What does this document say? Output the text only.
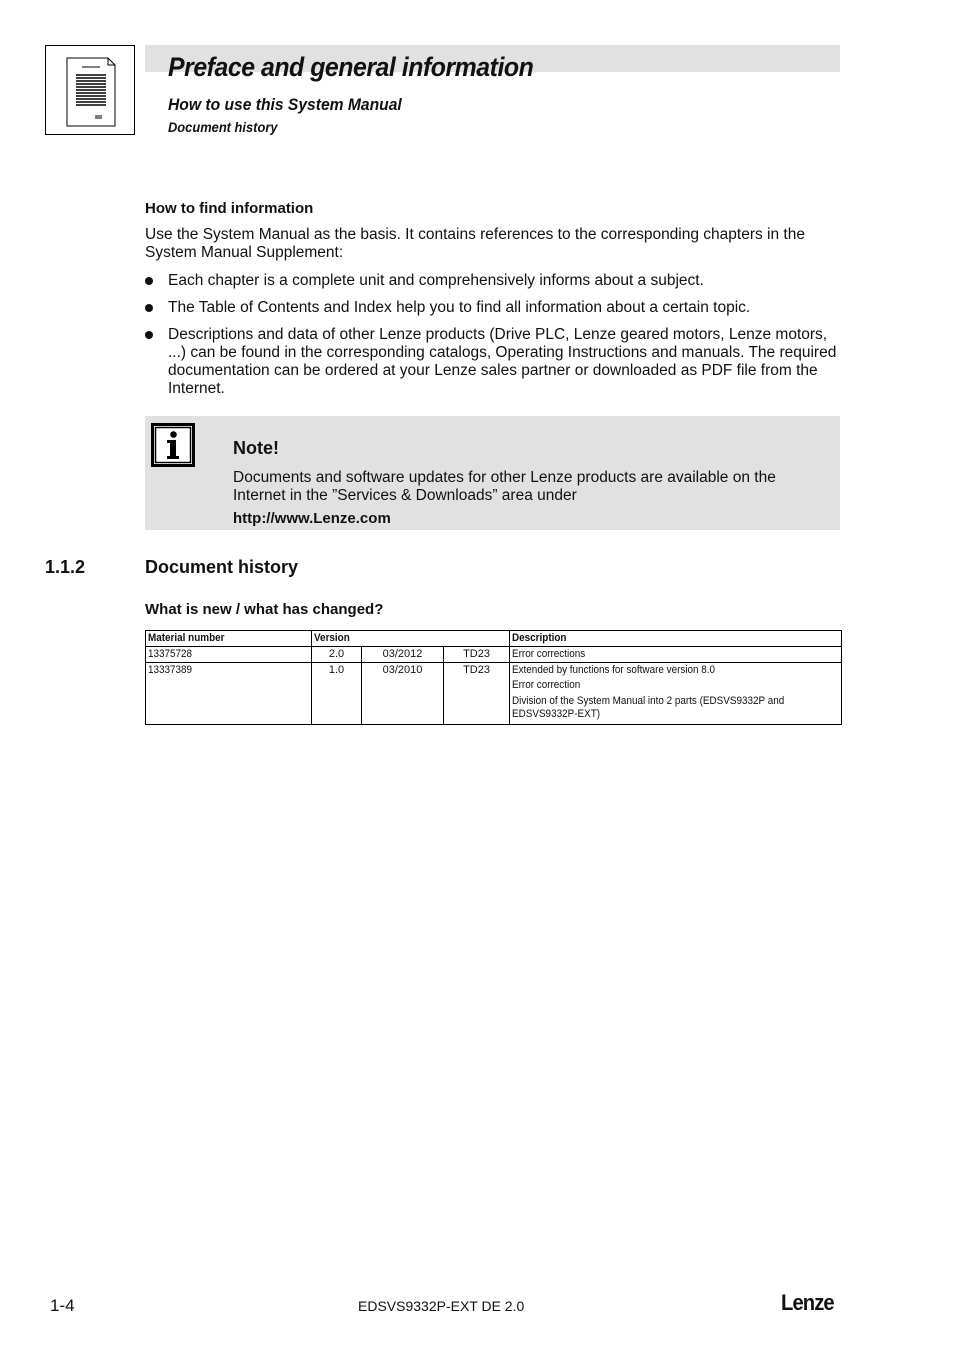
Preface and general information
How to use this System Manual
Document history
How to find information
Use the System Manual as the basis. It contains references to the corresponding chapters in the System Manual Supplement:
Each chapter is a complete unit and comprehensively informs about a subject.
The Table of Contents and Index help you to find all information about a certain topic.
Descriptions and data of other Lenze products (Drive PLC, Lenze geared motors, Lenze motors, ...) can be found in the corresponding catalogs, Operating Instructions and manuals. The required documentation can be ordered at your Lenze sales partner or downloaded as PDF file from the Internet.
Note!
Documents and software updates for other Lenze products are available on the Internet in the ”Services & Downloads” area under
http://www.Lenze.com
1.1.2	Document history
What is new / what has changed?
Material number	Version			Description
13375728	2.0	03/2012	TD23	Error corrections
13337389	1.0	03/2010	TD23	Extended by functions for software version 8.0
Error correction
Division of the System Manual into 2 parts (EDSVS9332P and EDSVS9332P-EXT)
1-4	EDSVS9332P-EXT DE 2.0	Lenze
